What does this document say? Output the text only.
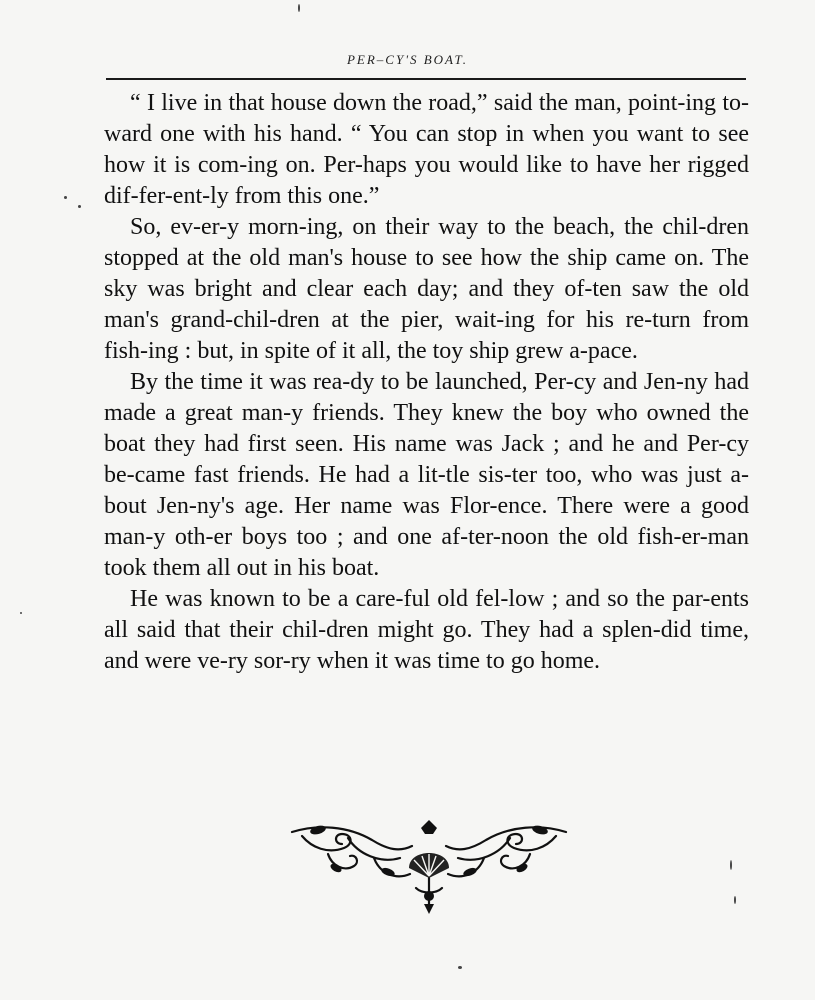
PER–CY'S BOAT.

“ I live in that house down the road,” said the man, point-ing to-ward one with his hand. “ You can stop in when you want to see how it is com-ing on. Per-haps you would like to have her rigged dif-fer-ent-ly from this one.”

So, ev-er-y morn-ing, on their way to the beach, the chil-dren stopped at the old man's house to see how the ship came on. The sky was bright and clear each day; and they of-ten saw the old man's grand-chil-dren at the pier, wait-ing for his re-turn from fish-ing : but, in spite of it all, the toy ship grew a-pace.

By the time it was rea-dy to be launched, Per-cy and Jen-ny had made a great man-y friends. They knew the boy who owned the boat they had first seen. His name was Jack ; and he and Per-cy be-came fast friends. He had a lit-tle sis-ter too, who was just a-bout Jen-ny's age. Her name was Flor-ence. There were a good man-y oth-er boys too ; and one af-ter-noon the old fish-er-man took them all out in his boat.

He was known to be a care-ful old fel-low ; and so the par-ents all said that their chil-dren might go. They had a splen-did time, and were ve-ry sor-ry when it was time to go home.
